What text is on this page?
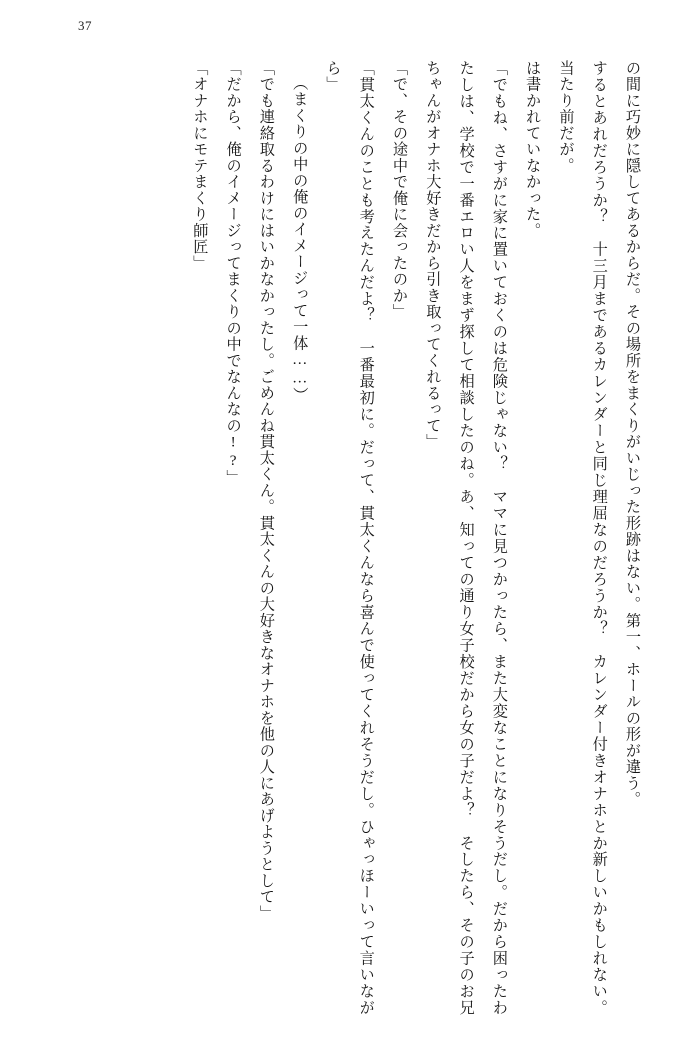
37

の間に巧妙に隠してあるからだ。その場所をまくりがいじった形跡はない。第一、ホールの形が違う。

するとあれだろうか？　十三月まであるカレンダーと同じ理屈なのだろうか？　カレンダー付きオナホとか新しいかもしれない。当たり前だが。

は書かれていなかった。

「でもね、さすがに家に置いておくのは危険じゃない？　ママに見つかったら、また大変なことになりそうだし。だから困ったわたしは、学校で一番エロい人をまず探して相談したのね。あ、知っての通り女子校だから女の子だよ？　そしたら、その子のお兄ちゃんがオナホ大好きだから引き取ってくれるって」

「で、その途中で俺に会ったのか」

「貫太くんのことも考えたんだよ？　一番最初に。だって、貫太くんなら喜んで使ってくれそうだし。ひゃっほーいって言いながら」

（まくりの中の俺のイメージって一体……）

「でも連絡取るわけにはいかなかったし。ごめんね貫太くん。貫太くんの大好きなオナホを他の人にあげようとして」

「だから、俺のイメージってまくりの中でなんなの!?」

「オナホにモテまくり師匠」
